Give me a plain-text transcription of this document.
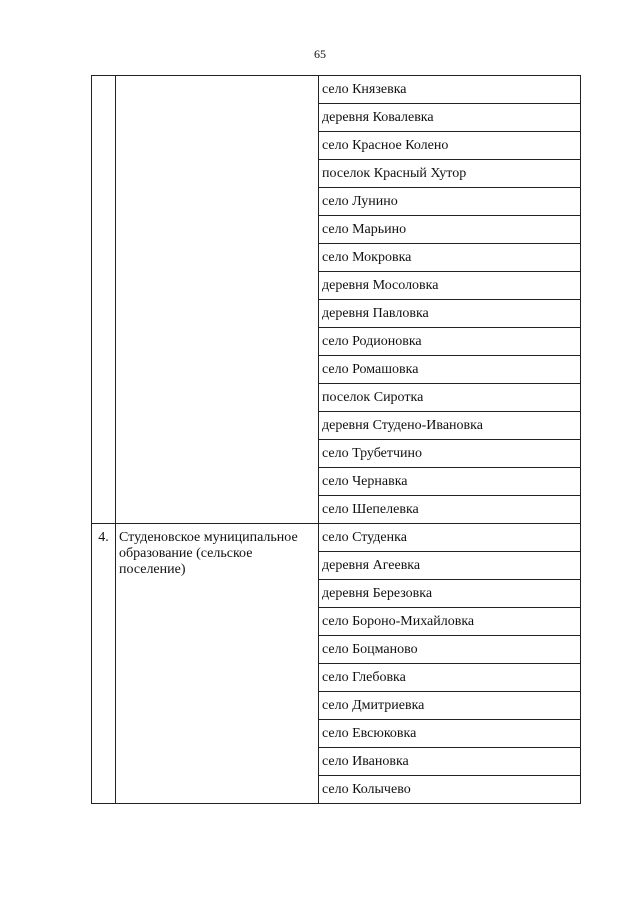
65
		село Князевка
		деревня Ковалевка
		село Красное Колено
		поселок Красный Хутор
		село Лунино
		село Марьино
		село Мокровка
		деревня Мосоловка
		деревня Павловка
		село Родионовка
		село Ромашовка
		поселок Сиротка
		деревня Студено-Ивановка
		село Трубетчино
		село Чернавка
		село Шепелевка
4.	Студеновское муниципальное образование (сельское поселение)	село Студенка
		деревня Агеевка
		деревня Березовка
		село Бороно-Михайловка
		село Боцманово
		село Глебовка
		село Дмитриевка
		село Евсюковка
		село Ивановка
		село Колычево
